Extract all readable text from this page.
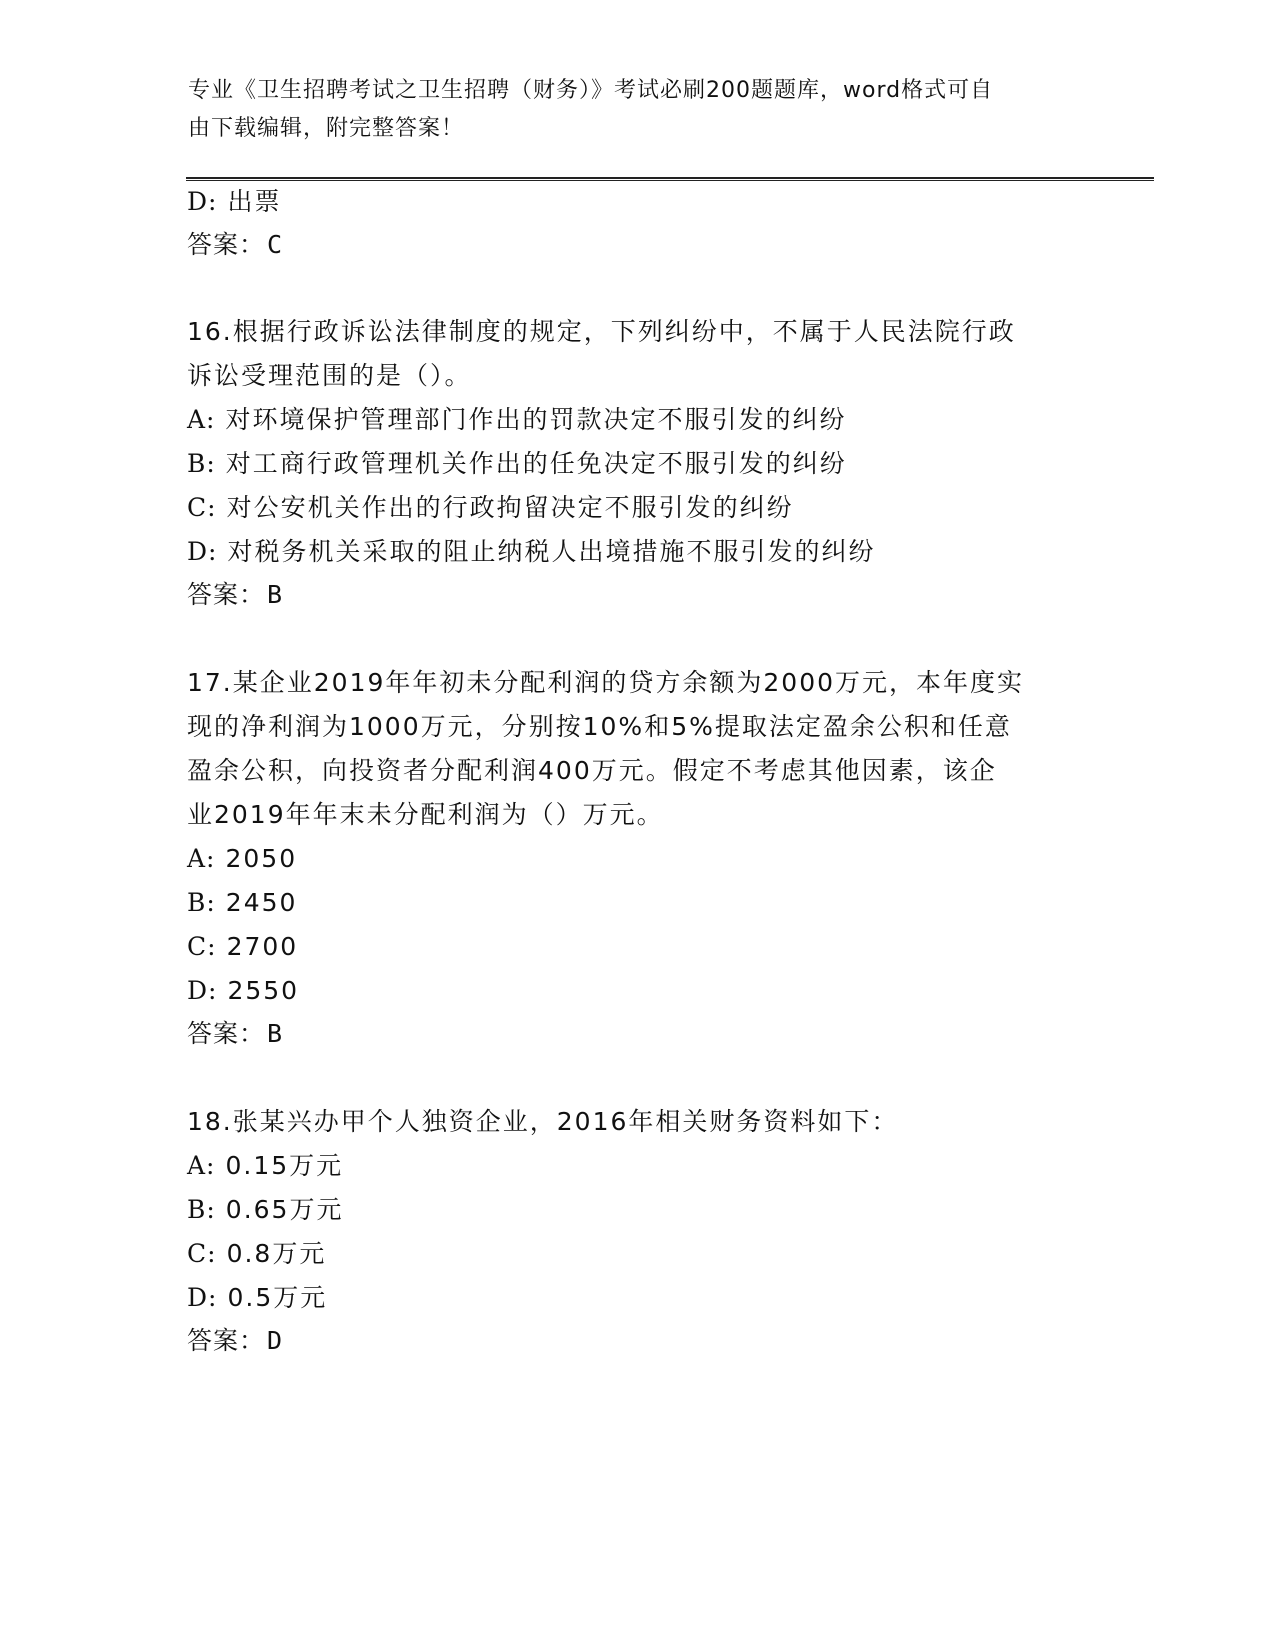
专业《卫生招聘考试之卫生招聘（财务）》考试必刷200题题库，word格式可自
由下载编辑，附完整答案！
D: 出票
答案：C
16.根据行政诉讼法律制度的规定，下列纠纷中，不属于人民法院行政
诉讼受理范围的是（）。
A: 对环境保护管理部门作出的罚款决定不服引发的纠纷
B: 对工商行政管理机关作出的任免决定不服引发的纠纷
C: 对公安机关作出的行政拘留决定不服引发的纠纷
D: 对税务机关采取的阻止纳税人出境措施不服引发的纠纷
答案：B
17.某企业2019年年初未分配利润的贷方余额为2000万元，本年度实
现的净利润为1000万元，分别按10%和5%提取法定盈余公积和任意
盈余公积，向投资者分配利润400万元。假定不考虑其他因素，该企
业2019年年末未分配利润为（）万元。
A: 2050
B: 2450
C: 2700
D: 2550
答案：B
18.张某兴办甲个人独资企业，2016年相关财务资料如下：
A: 0.15万元
B: 0.65万元
C: 0.8万元
D: 0.5万元
答案：D
